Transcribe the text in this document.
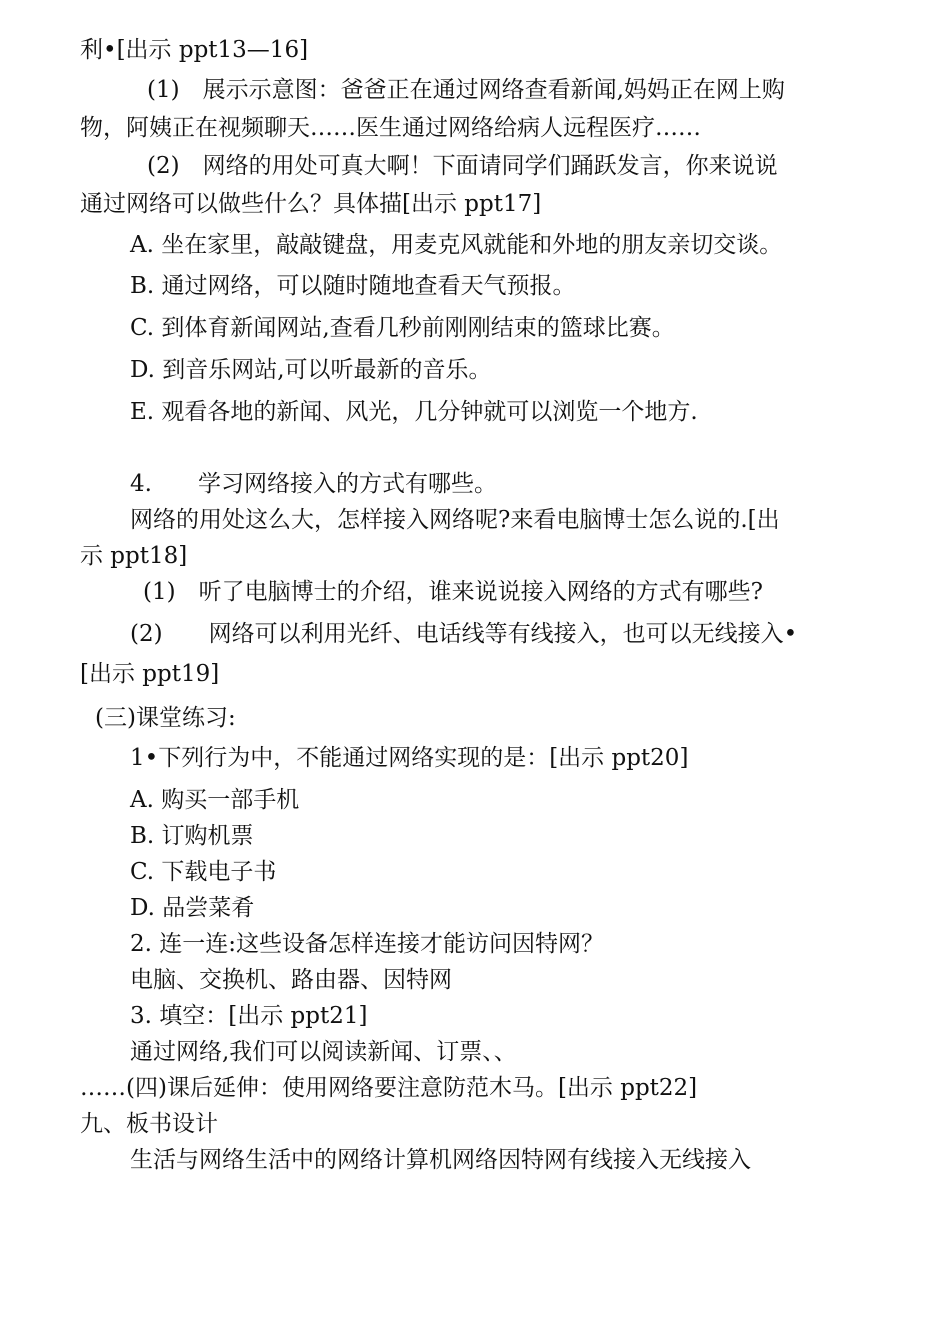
利•[出示 ppt13—16]
(1)　展示示意图：爸爸正在通过网络查看新闻,妈妈正在网上购
物，阿姨正在视频聊天……医生通过网络给病人远程医疗……
(2)　网络的用处可真大啊！下面请同学们踊跃发言，你来说说
通过网络可以做些什么？具体描[出示 ppt17]
A. 坐在家里，敲敲键盘，用麦克风就能和外地的朋友亲切交谈。
B. 通过网络，可以随时随地查看天气预报。
C. 到体育新闻网站,查看几秒前刚刚结束的篮球比赛。
D. 到音乐网站,可以听最新的音乐。
E. 观看各地的新闻、风光，几分钟就可以浏览一个地方.
4.　　学习网络接入的方式有哪些。
网络的用处这么大，怎样接入网络呢?来看电脑博士怎么说的.[出
示 ppt18]
(1)　听了电脑博士的介绍，谁来说说接入网络的方式有哪些?
(2)　　网络可以利用光纤、电话线等有线接入，也可以无线接入•
[出示 ppt19]
(三)课堂练习:
1•下列行为中，不能通过网络实现的是：[出示 ppt20]
A. 购买一部手机
B. 订购机票
C. 下载电子书
D. 品尝菜肴
2. 连一连:这些设备怎样连接才能访问因特网？
电脑、交换机、路由器、因特网
3. 填空：[出示 ppt21]
通过网络,我们可以阅读新闻、订票、、
……(四)课后延伸：使用网络要注意防范木马。[出示 ppt22]
九、板书设计
生活与网络生活中的网络计算机网络因特网有线接入无线接入
